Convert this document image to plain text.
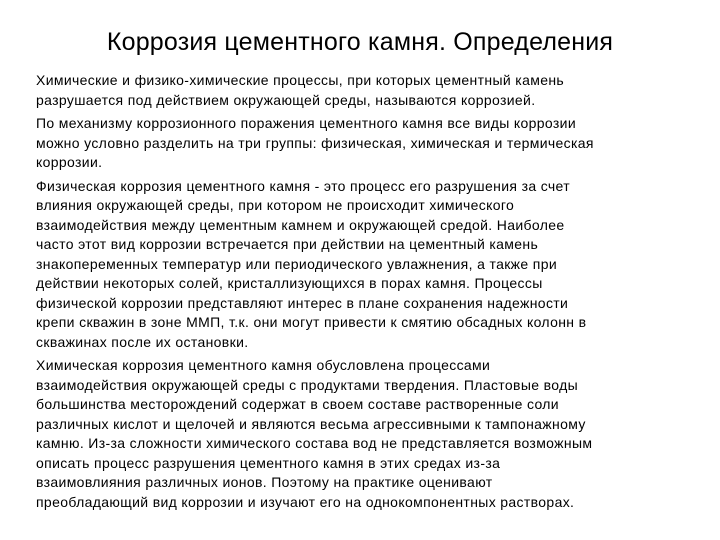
Коррозия цементного камня. Определения

Химические и физико-химические процессы, при которых цементный камень
разрушается под действием окружающей среды, называются коррозией.

По механизму коррозионного поражения цементного камня все виды коррозии
можно условно разделить на три группы: физическая, химическая и термическая
коррозии.

Физическая коррозия цементного камня - это процесс его разрушения за счет
влияния окружающей среды, при котором не происходит химического
взаимодействия между цементным камнем и окружающей средой. Наиболее
часто этот вид коррозии встречается при действии на цементный камень
знакопеременных температур или периодического увлажнения, а также при
действии некоторых солей, кристаллизующихся в порах камня. Процессы
физической коррозии представляют интерес в плане сохранения надежности
крепи скважин в зоне ММП, т.к. они могут привести к смятию обсадных колонн в
скважинах после их остановки.

Химическая коррозия цементного камня обусловлена процессами
взаимодействия окружающей среды с продуктами твердения. Пластовые воды
большинства месторождений содержат в своем составе растворенные соли
различных кислот и щелочей и являются весьма агрессивными к тампонажному
камню. Из-за сложности химического состава вод не представляется возможным
описать процесс разрушения цементного камня в этих средах из-за
взаимовлияния различных ионов. Поэтому на практике оценивают
преобладающий вид коррозии и изучают его на однокомпонентных растворах.
